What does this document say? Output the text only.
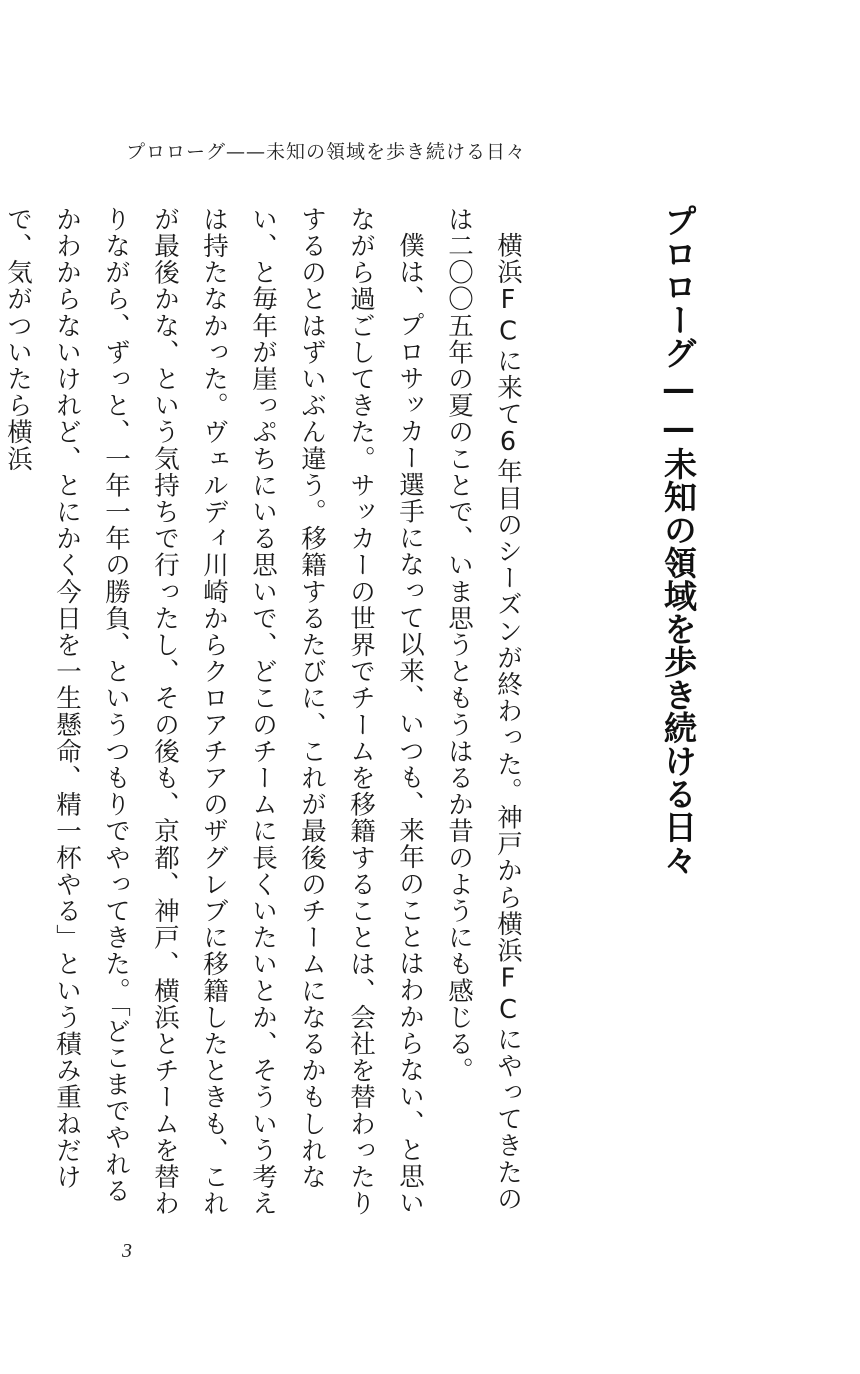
プロローグ——未知の領域を歩き続ける日々
プロローグ——未知の領域を歩き続ける日々

横浜FCに来て6年目のシーズンが終わった。神戸から横浜FCにやってきたのは二〇〇五年の夏のことで、いま思うともうはるか昔のようにも感じる。

僕は、プロサッカー選手になって以来、いつも、来年のことはわからない、と思いながら過ごしてきた。サッカーの世界でチームを移籍することは、会社を替わったりするのとはずいぶん違う。移籍するたびに、これが最後のチームになるかもしれない、と毎年が崖っぷちにいる思いで、どこのチームに長くいたいとか、そういう考えは持たなかった。ヴェルディ川崎からクロアチアのザグレブに移籍したときも、これが最後かな、という気持ちで行ったし、その後も、京都、神戸、横浜とチームを替わりながら、ずっと、一年一年の勝負、というつもりでやってきた。「どこまでやれるかわからないけれど、とにかく今日を一生懸命、精一杯やる」という積み重ねだけで、気がついたら横浜

3
